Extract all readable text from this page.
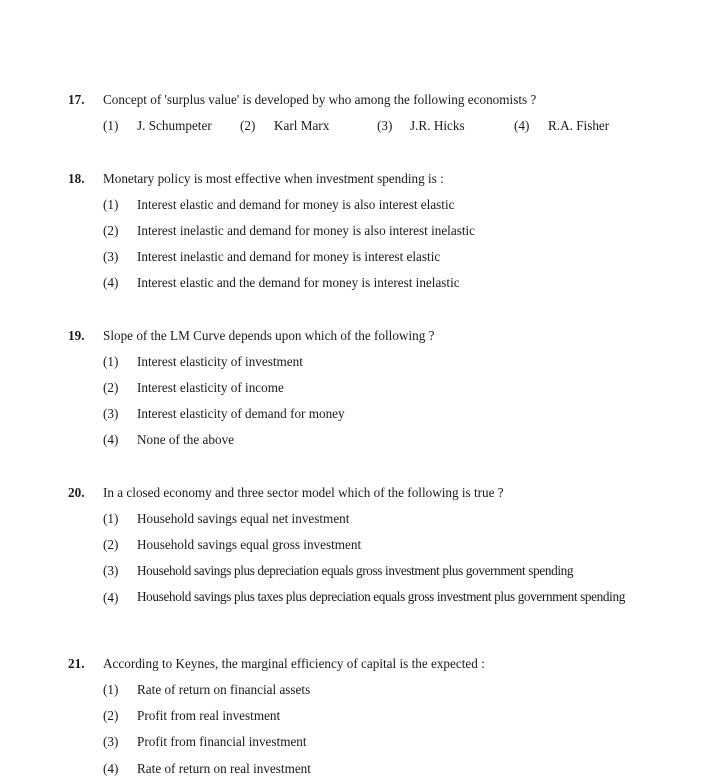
17. Concept of 'surplus value' is developed by who among the following economists ?
(1) J. Schumpeter (2) Karl Marx	(3) J.R. Hicks	(4) R.A. Fisher
18. Monetary policy is most effective when investment spending is :
(1) Interest elastic and demand for money is also interest elastic
(2) Interest inelastic and demand for money is also interest inelastic
(3) Interest inelastic and demand for money is interest elastic
(4) Interest elastic and the demand for money is interest inelastic
19. Slope of the LM Curve depends upon which of the following ?
(1) Interest elasticity of investment
(2) Interest elasticity of income
(3) Interest elasticity of demand for money
(4) None of the above
20. In a closed economy and three sector model which of the following is true ?
(1) Household savings equal net investment
(2) Household savings equal gross investment
(3) Household savings plus depreciation equals gross investment plus government spending
(4) Household savings plus taxes plus depreciation equals gross investment plus government spending
21. According to Keynes, the marginal efficiency of capital is the expected :
(1) Rate of return on financial assets
(2) Profit from real investment
(3) Profit from financial investment
(4) Rate of return on real investment
